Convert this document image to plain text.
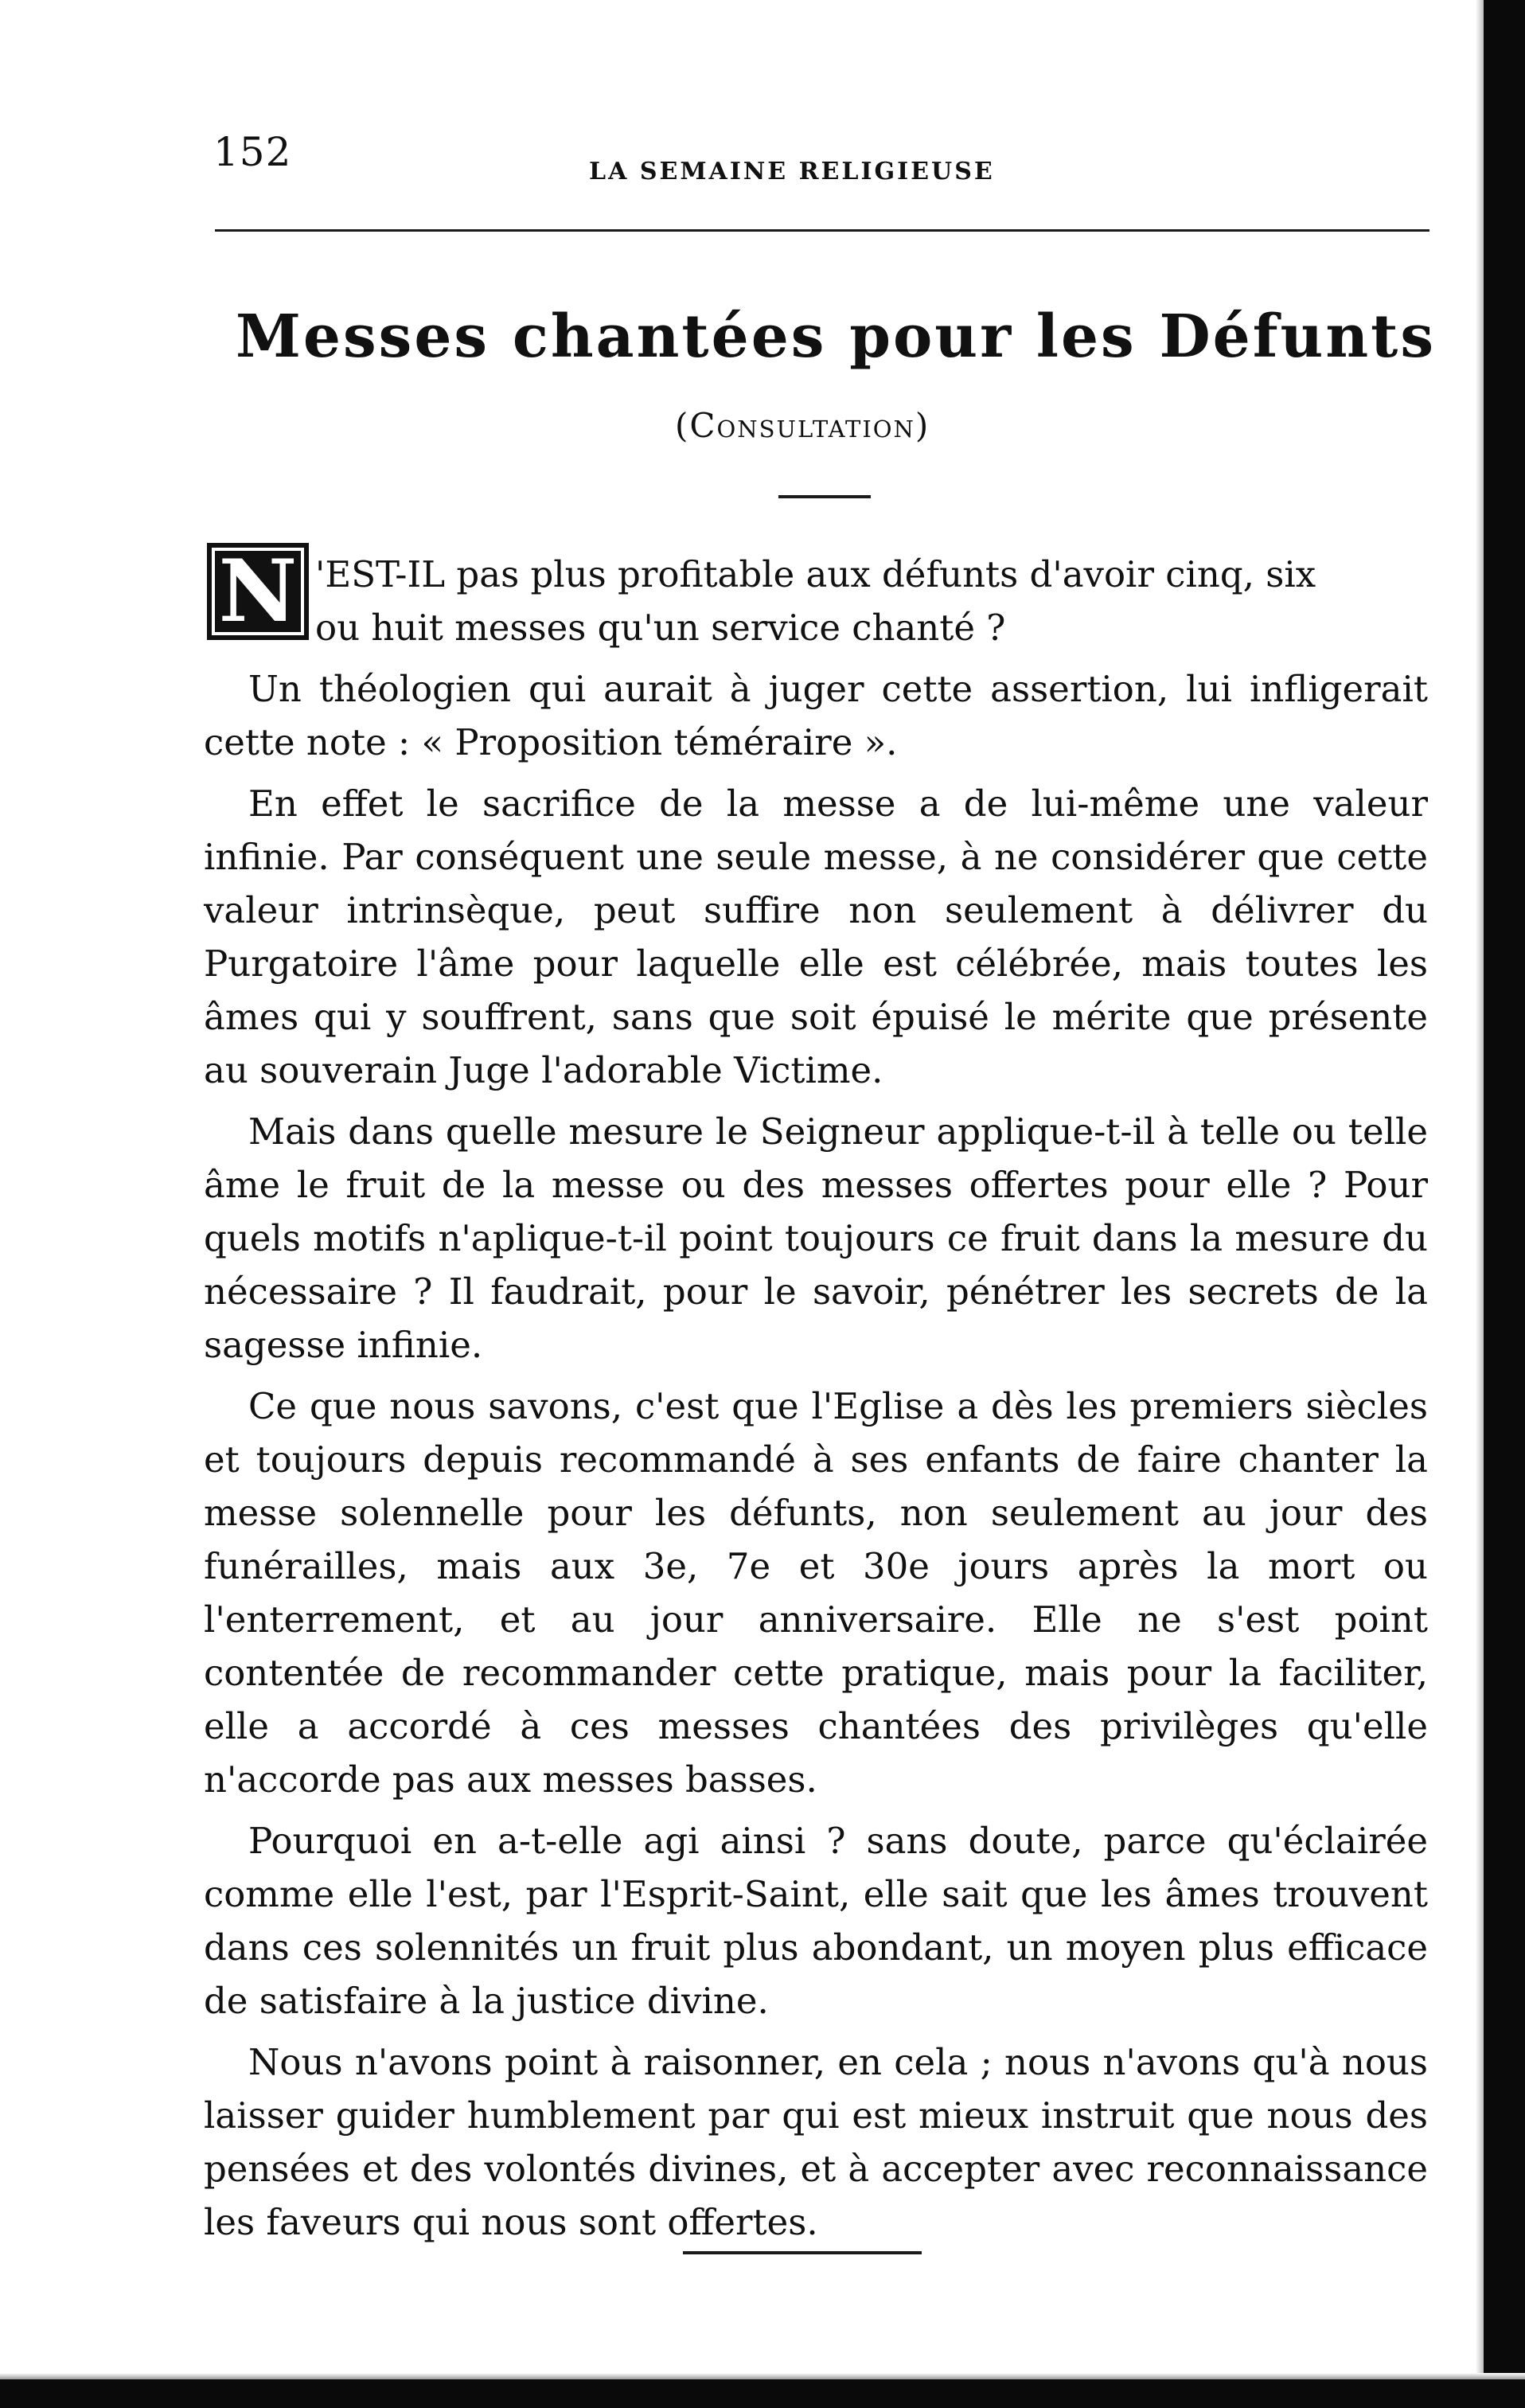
152	LA SEMAINE RELIGIEUSE
Messes chantées pour les Défunts
(Consultation)
N 'EST-IL pas plus profitable aux défunts d'avoir cinq, six
ou huit messes qu'un service chanté ?

Un théologien qui aurait à juger cette assertion, lui infligerait cette note : « Proposition téméraire ».

En effet le sacrifice de la messe a de lui-même une valeur infinie. Par conséquent une seule messe, à ne considérer que cette valeur intrinsèque, peut suffire non seulement à délivrer du Purgatoire l'âme pour laquelle elle est célébrée, mais toutes les âmes qui y souffrent, sans que soit épuisé le mérite que présente au souverain Juge l'adorable Victime.

Mais dans quelle mesure le Seigneur applique-t-il à telle ou telle âme le fruit de la messe ou des messes offertes pour elle ? Pour quels motifs n'aplique-t-il point toujours ce fruit dans la mesure du nécessaire ? Il faudrait, pour le savoir, pénétrer les secrets de la sagesse infinie.

Ce que nous savons, c'est que l'Eglise a dès les premiers siècles et toujours depuis recommandé à ses enfants de faire chanter la messe solennelle pour les défunts, non seulement au jour des funérailles, mais aux 3e, 7e et 30e jours après la mort ou l'enterrement, et au jour anniversaire. Elle ne s'est point contentée de recommander cette pratique, mais pour la faciliter, elle a accordé à ces messes chantées des privilèges qu'elle n'accorde pas aux messes basses.

Pourquoi en a-t-elle agi ainsi ? sans doute, parce qu'éclairée comme elle l'est, par l'Esprit-Saint, elle sait que les âmes trouvent dans ces solennités un fruit plus abondant, un moyen plus efficace de satisfaire à la justice divine.

Nous n'avons point à raisonner, en cela ; nous n'avons qu'à nous laisser guider humblement par qui est mieux instruit que nous des pensées et des volontés divines, et à accepter avec reconnaissance les faveurs qui nous sont offertes.
